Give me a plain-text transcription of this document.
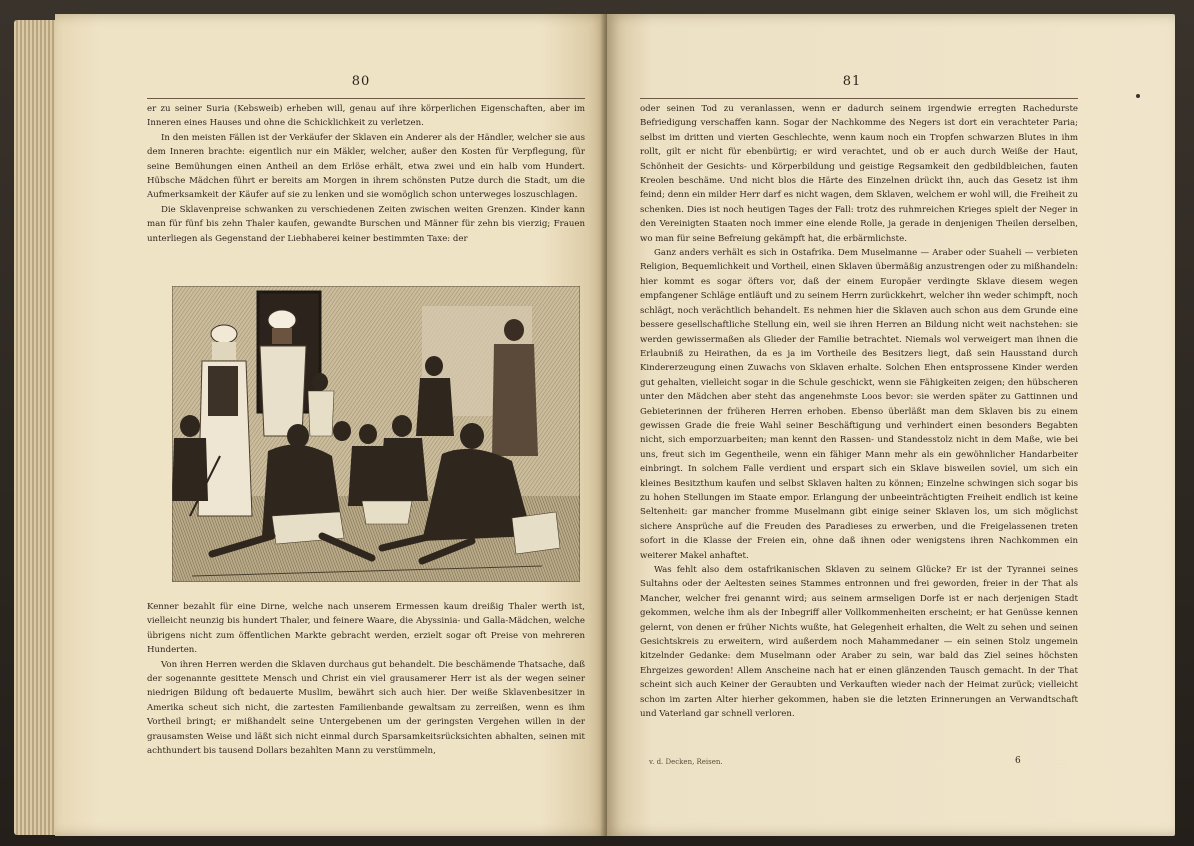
80

er zu seiner Suria (Kebsweib) erheben will, genau auf ihre körperlichen Eigenschaften, aber im Inneren eines Hauses und ohne die Schicklichkeit zu verletzen.

In den meisten Fällen ist der Verkäufer der Sklaven ein Anderer als der Händler, welcher sie aus dem Inneren brachte: eigentlich nur ein Mäkler, welcher, außer den Kosten für Verpflegung, für seine Bemühungen einen Antheil an dem Erlöse erhält, etwa zwei und ein halb vom Hundert. Hübsche Mädchen führt er bereits am Morgen in ihrem schönsten Putze durch die Stadt, um die Aufmerksamkeit der Käufer auf sie zu lenken und sie womöglich schon unterweges loszuschlagen.

Die Sklavenpreise schwanken zu verschiedenen Zeiten zwischen weiten Grenzen. Kinder kann man für fünf bis zehn Thaler kaufen, gewandte Burschen und Männer für zehn bis vierzig; Frauen unterliegen als Gegenstand der Liebhaberei keiner bestimmten Taxe: der

Kenner bezahlt für eine Dirne, welche nach unserem Ermessen kaum dreißig Thaler werth ist, vielleicht neunzig bis hundert Thaler, und feinere Waare, die Abyssinia- und Galla-Mädchen, welche übrigens nicht zum öffentlichen Markte gebracht werden, erzielt sogar oft Preise von mehreren Hunderten.

Von ihren Herren werden die Sklaven durchaus gut behandelt. Die beschämende Thatsache, daß der sogenannte gesittete Mensch und Christ ein viel grausamerer Herr ist als der wegen seiner niedrigen Bildung oft bedauerte Muslim, bewährt sich auch hier. Der weiße Sklavenbesitzer in Amerika scheut sich nicht, die zartesten Familienbande gewaltsam zu zerreißen, wenn es ihm Vortheil bringt; er mißhandelt seine Untergebenen um der geringsten Vergehen willen in der grausamsten Weise und läßt sich nicht einmal durch Sparsamkeitsrücksichten abhalten, seinen mit achthundert bis tausend Dollars bezahlten Mann zu verstümmeln,

81

oder seinen Tod zu veranlassen, wenn er dadurch seinem irgendwie erregten Rachedurste Befriedigung verschaffen kann. Sogar der Nachkomme des Negers ist dort ein verachteter Paria; selbst im dritten und vierten Geschlechte, wenn kaum noch ein Tropfen schwarzen Blutes in ihm rollt, gilt er nicht für ebenbürtig; er wird verachtet, und ob er auch durch Weiße der Haut, Schönheit der Gesichts- und Körperbildung und geistige Regsamkeit den gedbildbleichen, fauten Kreolen beschäme. Und nicht blos die Härte des Einzelnen drückt ihn, auch das Gesetz ist ihm feind; denn ein milder Herr darf es nicht wagen, dem Sklaven, welchem er wohl will, die Freiheit zu schenken. Dies ist noch heutigen Tages der Fall: trotz des ruhmreichen Krieges spielt der Neger in den Vereinigten Staaten noch immer eine elende Rolle, ja gerade in denjenigen Theilen derselben, wo man für seine Befreiung gekämpft hat, die erbärmlichste.

Ganz anders verhält es sich in Ostafrika. Dem Muselmanne — Araber oder Suaheli — verbieten Religion, Bequemlichkeit und Vortheil, einen Sklaven übermäßig anzustrengen oder zu mißhandeln: hier kommt es sogar öfters vor, daß der einem Europäer verdingte Sklave diesem wegen empfangener Schläge entläuft und zu seinem Herrn zurückkehrt, welcher ihn weder schimpft, noch schlägt, noch verächtlich behandelt. Es nehmen hier die Sklaven auch schon aus dem Grunde eine bessere gesellschaftliche Stellung ein, weil sie ihren Herren an Bildung nicht weit nachstehen: sie werden gewissermaßen als Glieder der Familie betrachtet. Niemals wol verweigert man ihnen die Erlaubniß zu Heirathen, da es ja im Vortheile des Besitzers liegt, daß sein Hausstand durch Kindererzeugung einen Zuwachs von Sklaven erhalte. Solchen Ehen entsprossene Kinder werden gut gehalten, vielleicht sogar in die Schule geschickt, wenn sie Fähigkeiten zeigen; den hübscheren unter den Mädchen aber steht das angenehmste Loos bevor: sie werden später zu Gattinnen und Gebieterinnen der früheren Herren erhoben. Ebenso überläßt man dem Sklaven bis zu einem gewissen Grade die freie Wahl seiner Beschäftigung und verhindert einen besonders Begabten nicht, sich emporzuarbeiten; man kennt den Rassen- und Standesstolz nicht in dem Maße, wie bei uns, freut sich im Gegentheile, wenn ein fähiger Mann mehr als ein gewöhnlicher Handarbeiter einbringt. In solchem Falle verdient und erspart sich ein Sklave bisweilen soviel, um sich ein kleines Besitzthum kaufen und selbst Sklaven halten zu können; Einzelne schwingen sich sogar bis zu hohen Stellungen im Staate empor. Erlangung der unbeeinträchtigten Freiheit endlich ist keine Seltenheit: gar mancher fromme Muselmann gibt einige seiner Sklaven los, um sich möglichst sichere Ansprüche auf die Freuden des Paradieses zu erwerben, und die Freigelassenen treten sofort in die Klasse der Freien ein, ohne daß ihnen oder wenigstens ihren Nachkommen ein weiterer Makel anhaftet.

Was fehlt also dem ostafrikanischen Sklaven zu seinem Glücke? Er ist der Tyrannei seines Sultahns oder der Aeltesten seines Stammes entronnen und frei geworden, freier in der That als Mancher, welcher frei genannt wird; aus seinem armseligen Dorfe ist er nach derjenigen Stadt gekommen, welche ihm als der Inbegriff aller Vollkommenheiten erscheint; er hat Genüsse kennen gelernt, von denen er früher Nichts wußte, hat Gelegenheit erhalten, die Welt zu sehen und seinen Gesichtskreis zu erweitern, wird außerdem noch Mahammedaner — ein seinen Stolz ungemein kitzelnder Gedanke: dem Muselmann oder Araber zu sein, war bald das Ziel seines höchsten Ehrgeizes geworden! Allem Anscheine nach hat er einen glänzenden Tausch gemacht. In der That scheint sich auch Keiner der Geraubten und Verkauften wieder nach der Heimat zurück; vielleicht schon im zarten Alter hierher gekommen, haben sie die letzten Erinnerungen an Verwandtschaft und Vaterland gar schnell verloren.

v. d. Decken, Reisen.	6
